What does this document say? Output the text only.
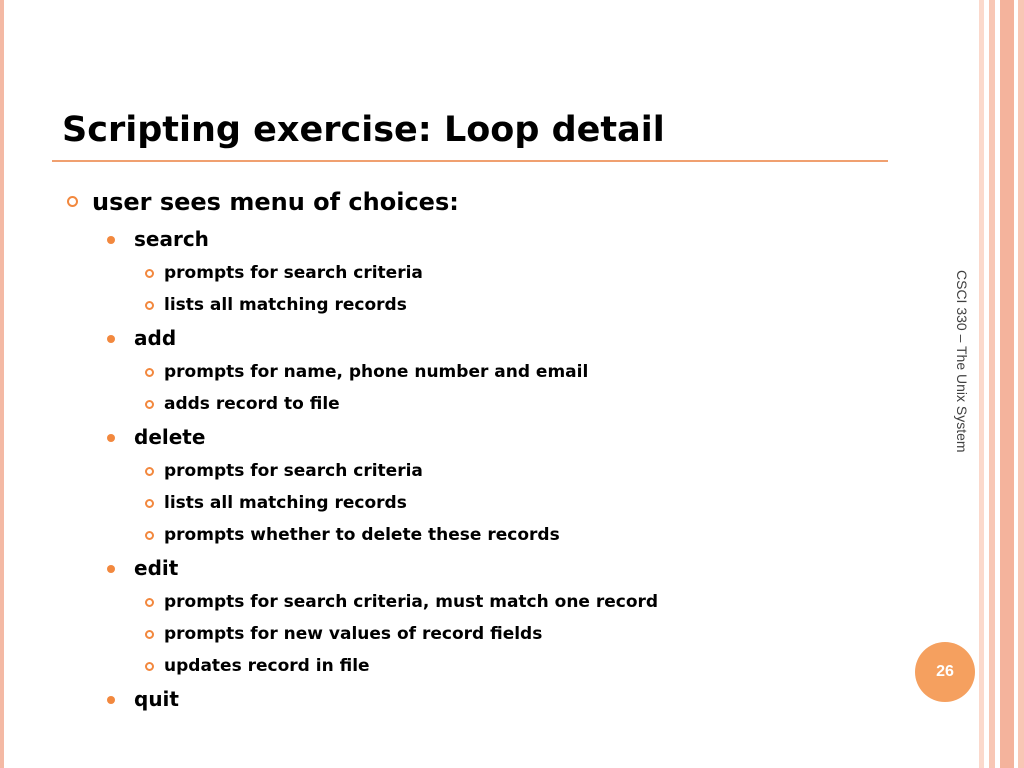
Scripting exercise: Loop detail
user sees menu of choices:
search
prompts for search criteria
lists all matching records
add
prompts for name, phone number and email
adds record to file
delete
prompts for search criteria
lists all matching records
prompts whether to delete these records
edit
prompts for search criteria, must match one record
prompts for new values of record fields
updates record in file
quit
CSCI 330 – The Unix System
26
